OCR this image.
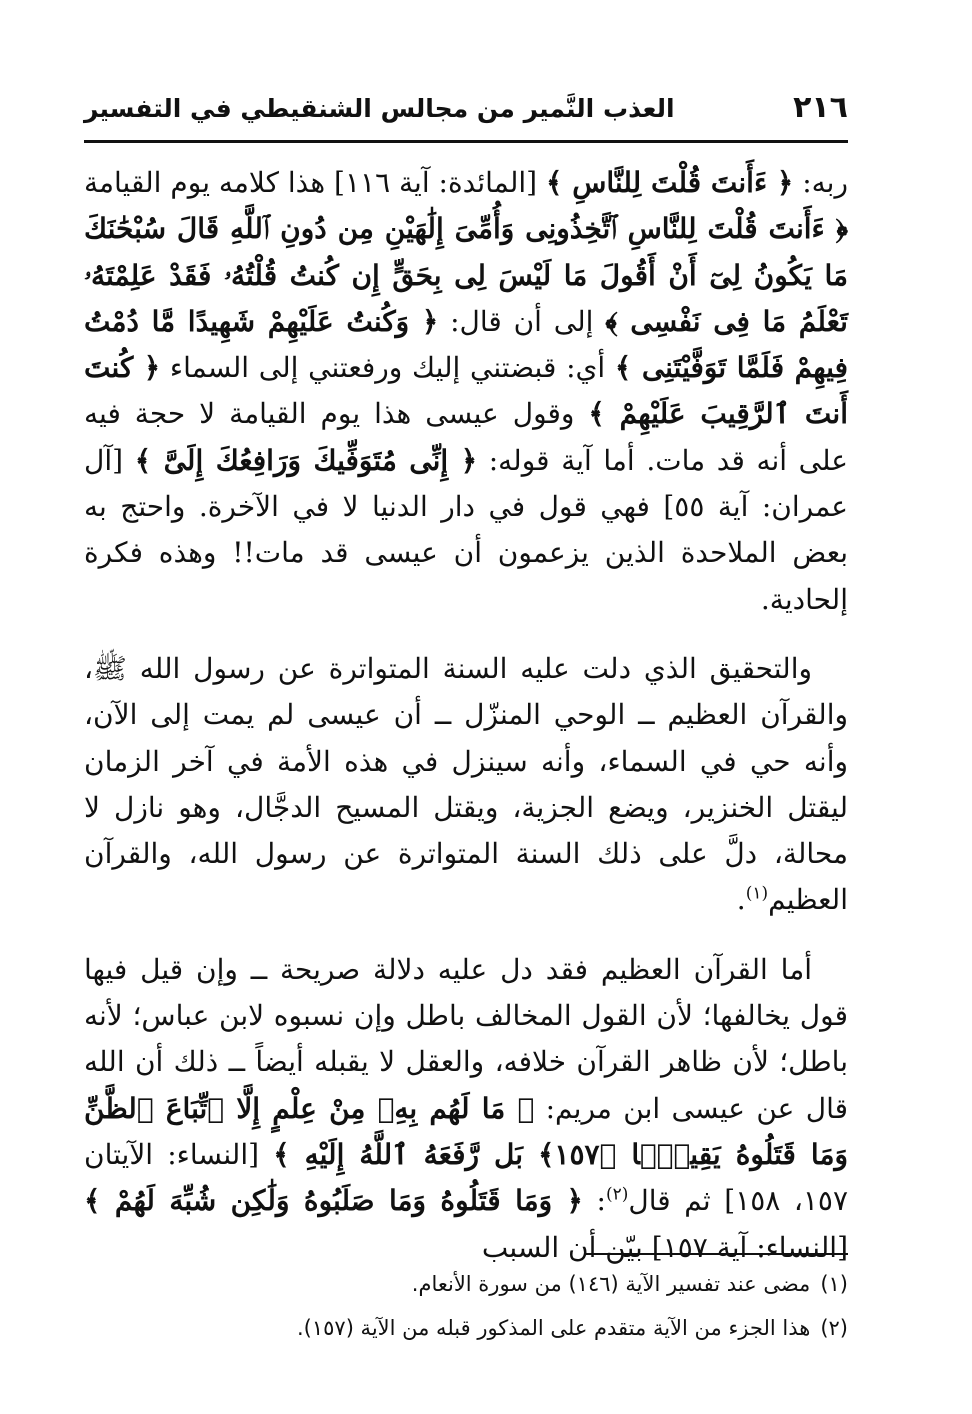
٢١٦
العذب النَّمير من مجالس الشنقيطي في التفسير

ربه: ﴿ ءَأَنتَ قُلْتَ لِلنَّاسِ ﴾ [المائدة: آية ١١٦] هذا كلامه يوم القيامة ﴿ ءَأَنتَ قُلْتَ لِلنَّاسِ ٱتَّخِذُونِى وَأُمِّىَ إِلَٰهَيْنِ مِن دُونِ ٱللَّهِ قَالَ سُبْحَٰنَكَ مَا يَكُونُ لِىٓ أَنْ أَقُولَ مَا لَيْسَ لِى بِحَقٍّ إِن كُنتُ قُلْتُهُۥ فَقَدْ عَلِمْتَهُۥ تَعْلَمُ مَا فِى نَفْسِى ﴾ إلى أن قال: ﴿ وَكُنتُ عَلَيْهِمْ شَهِيدًا مَّا دُمْتُ فِيهِمْ فَلَمَّا تَوَفَّيْتَنِى ﴾ أي: قبضتني إليك ورفعتني إلى السماء ﴿ كُنتَ أَنتَ ٱلرَّقِيبَ عَلَيْهِمْ ﴾ وقول عيسى هذا يوم القيامة لا حجة فيه على أنه قد مات. أما آية قوله: ﴿ إِنِّى مُتَوَفِّيكَ وَرَافِعُكَ إِلَىَّ ﴾ [آل عمران: آية ٥٥] فهي قول في دار الدنيا لا في الآخرة. واحتج به بعض الملاحدة الذين يزعمون أن عيسى قد مات!! وهذه فكرة إلحادية.

والتحقيق الذي دلت عليه السنة المتواترة عن رسول الله ﷺ، والقرآن العظيم ــ الوحي المنزّل ــ أن عيسى لم يمت إلى الآن، وأنه حي في السماء، وأنه سينزل في هذه الأمة في آخر الزمان ليقتل الخنزير، ويضع الجزية، ويقتل المسيح الدجَّال، وهو نازل لا محالة، دلَّ على ذلك السنة المتواترة عن رسول الله، والقرآن العظيم$^{(١)}$.

أما القرآن العظيم فقد دل عليه دلالة صريحة ــ وإن قيل فيها قول يخالفها؛ لأن القول المخالف باطل وإن نسبوه لابن عباس؛ لأنه باطل؛ لأن ظاهر القرآن خلافه، والعقل لا يقبله أيضاً ــ ذلك أن الله قال عن عيسى ابن مريم: ﴿ مَا لَهُم بِهِۦ مِنْ عِلْمٍ إِلَّا ٱتِّبَاعَ ٱلظَّنِّ وَمَا قَتَلُوهُ يَقِينًۢا ﴿١٥٧﴾ بَل رَّفَعَهُ ٱللَّهُ إِلَيْهِ ﴾ [النساء: الآيتان ١٥٧، ١٥٨] ثم قال$^{(٢)}$: ﴿ وَمَا قَتَلُوهُ وَمَا صَلَبُوهُ وَلَٰكِن شُبِّهَ لَهُمْ ﴾ [النساء: آية ١٥٧] بيّن أن السبب

(١)مضى عند تفسير الآية (١٤٦) من سورة الأنعام.
(٢)هذا الجزء من الآية متقدم على المذكور قبله من الآية (١٥٧).
